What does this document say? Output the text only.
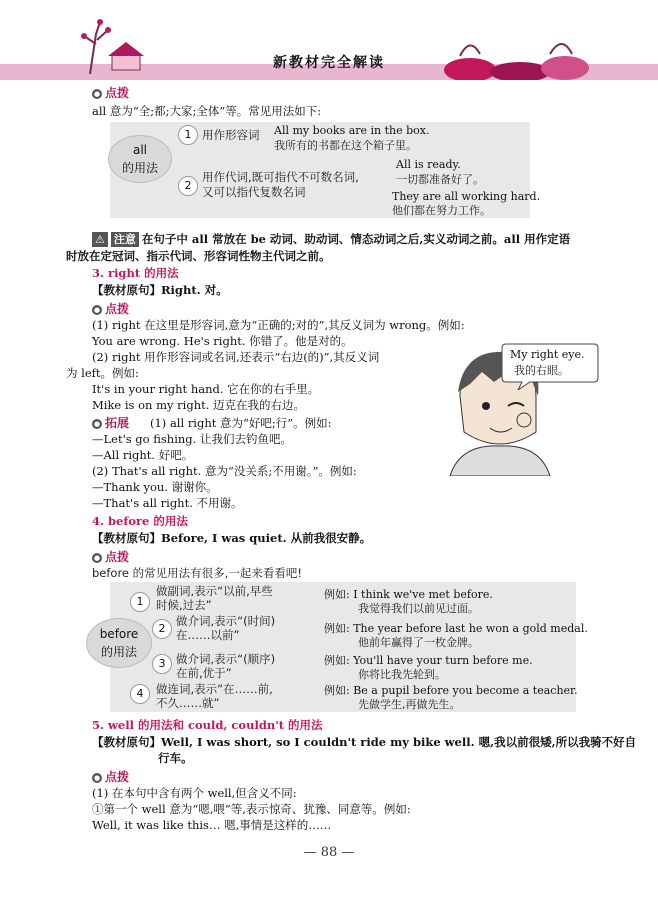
新教材完全解读
● 点拨
all 意为“全;都;大家;全体”等。常见用法如下:
all
的用法
1 用作形容词 All my books are in the box.
我所有的书都在这个箱子里。
2
用作代词,既可指代不可数名词,
又可以指代复数名词
All is ready.
一切都准备好了。
They are all working hard.
他们都在努力工作。
⚠ 注意 在句子中 all 常放在 be 动词、助动词、情态动词之后,实义动词之前。all 用作定语
时放在定冠词、指示代词、形容词性物主代词之前。
3. right 的用法
【教材原句】Right. 对。
● 点拨
(1) right 在这里是形容词,意为“正确的;对的”,其反义词为 wrong。例如:
You are wrong. He's right. 你错了。他是对的。
(2) right 用作形容词或名词,还表示“右边(的)”,其反义词
为 left。例如:
It's in your right hand. 它在你的右手里。
Mike is on my right. 迈克在我的右边。
● 拓展 (1) all right 意为“好吧;行”。例如:
—Let's go fishing. 让我们去钓鱼吧。
—All right. 好吧。
(2) That's all right. 意为“没关系;不用谢。”。例如:
—Thank you. 谢谢你。
—That's all right. 不用谢。
My right eye.
我的右眼。
4. before 的用法
【教材原句】Before, I was quiet. 从前我很安静。
● 点拨
before 的常见用法有很多,一起来看看吧!
before
的用法
1
做副词,表示“以前,早些
时候,过去”
例如: I think we've met before.
我觉得我们以前见过面。
2
做介词,表示“(时间)
在……以前”	例如: The year before last he won a gold medal.
他前年赢得了一枚金牌。
3 做介词,表示“(顺序)
在前,优于”
例如: You'll have your turn before me.
你将比我先轮到。
4	做连词,表示“在……前,
不久……就”
例如: Be a pupil before you become a teacher.
先做学生,再做先生。
5. well 的用法和 could, couldn't 的用法
【教材原句】Well, I was short, so I couldn't ride my bike well. 嗯,我以前很矮,所以我骑不好自
行车。
● 点拨
(1) 在本句中含有两个 well,但含义不同:
①第一个 well 意为“嗯,喂”等,表示惊奇、犹豫、同意等。例如:
Well, it was like this… 嗯,事情是这样的……
— 88 —
